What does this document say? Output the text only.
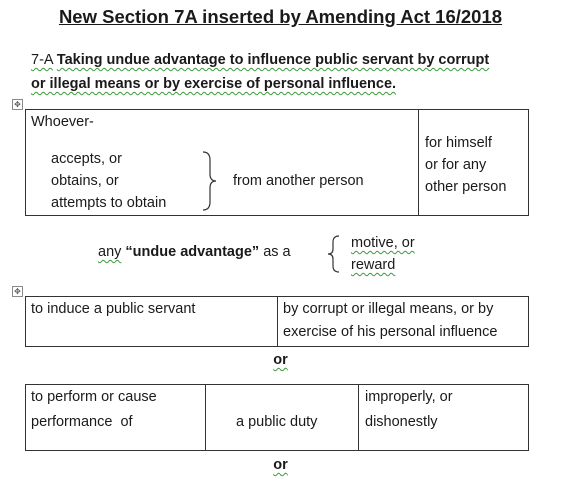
New Section 7A inserted by Amending Act 16/2018
7-A Taking undue advantage to influence public servant by corrupt
or illegal means or by exercise of personal influence.
✥
Whoever-
accepts, or
obtains, or
attempts to obtain
from another person
for himself
or for any
other person
any “undue advantage” as a
motive, or
reward
✥
to induce a public servant	by corrupt or illegal means, or by
exercise of his personal influence
or
to perform or cause
performance  of	a public duty
improperly, or
dishonestly
or
